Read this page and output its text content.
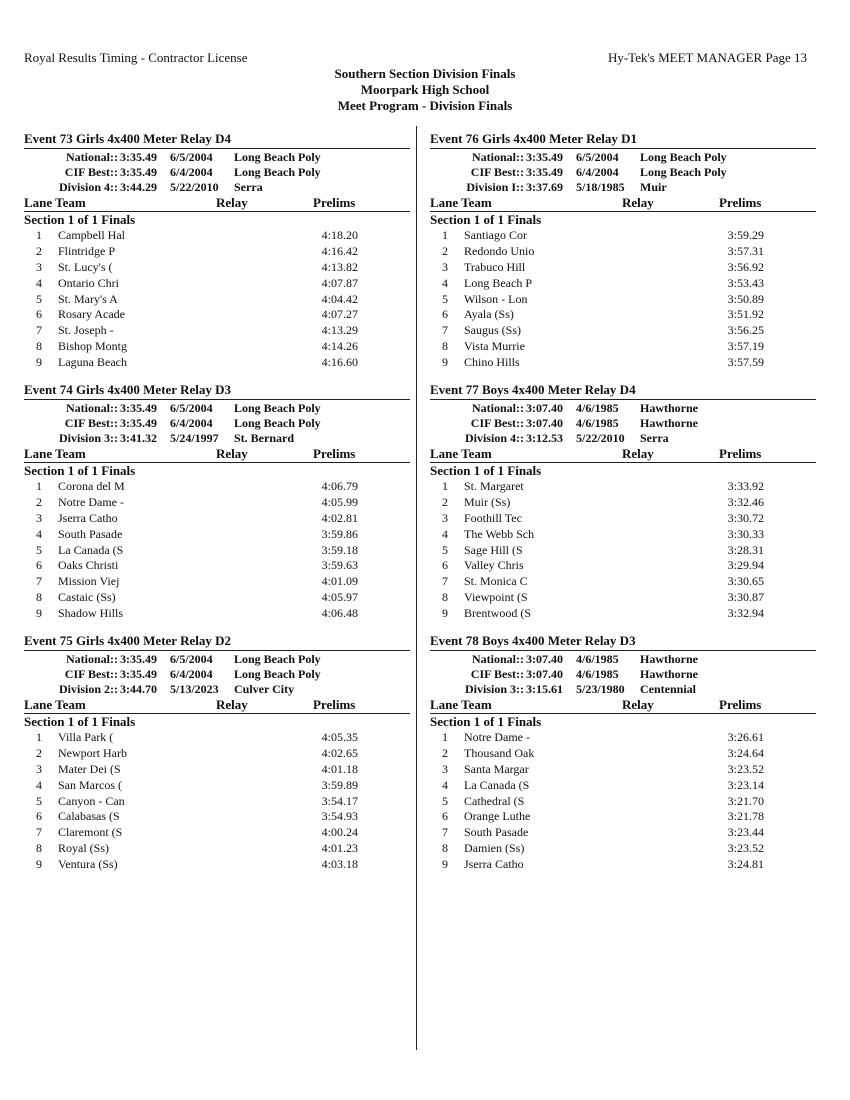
Royal Results Timing - Contractor License	Hy-Tek's MEET MANAGER Page 13
Southern Section Division Finals
Moorpark High School
Meet Program - Division Finals
Event 73 Girls 4x400 Meter Relay D4
National:: 3:35.49 6/5/2004 Long Beach Poly
CIF Best:: 3:35.49 6/4/2004 Long Beach Poly
Division 4:: 3:44.29 5/22/2010 Serra
Lane Team	Relay	Prelims
Section 1 of 1 Finals
1 Campbell Hal	4:18.20
2 Flintridge P	4:16.42
3 St. Lucy's (	4:13.82
4 Ontario Chri	4:07.87
5 St. Mary's A	4:04.42
6 Rosary Acade	4:07.27
7 St. Joseph -	4:13.29
8 Bishop Montg	4:14.26
9 Laguna Beach	4:16.60
Event 74 Girls 4x400 Meter Relay D3
National:: 3:35.49 6/5/2004 Long Beach Poly
CIF Best:: 3:35.49 6/4/2004 Long Beach Poly
Division 3:: 3:41.32 5/24/1997 St. Bernard
Lane Team	Relay	Prelims
Section 1 of 1 Finals
1 Corona del M	4:06.79
2 Notre Dame -	4:05.99
3 Jserra Catho	4:02.81
4 South Pasade	3:59.86
5 La Canada (S	3:59.18
6 Oaks Christi	3:59.63
7 Mission Viej	4:01.09
8 Castaic (Ss)	4:05.97
9 Shadow Hills	4:06.48
Event 75 Girls 4x400 Meter Relay D2
National:: 3:35.49 6/5/2004 Long Beach Poly
CIF Best:: 3:35.49 6/4/2004 Long Beach Poly
Division 2:: 3:44.70 5/13/2023 Culver City
Lane Team	Relay	Prelims
Section 1 of 1 Finals
1 Villa Park (	4:05.35
2 Newport Harb	4:02.65
3 Mater Dei (S	4:01.18
4 San Marcos (	3:59.89
5 Canyon - Can	3:54.17
6 Calabasas (S	3:54.93
7 Claremont (S	4:00.24
8 Royal (Ss)	4:01.23
9 Ventura (Ss)	4:03.18
Event 76 Girls 4x400 Meter Relay D1
National:: 3:35.49 6/5/2004 Long Beach Poly
CIF Best:: 3:35.49 6/4/2004 Long Beach Poly
Division I:: 3:37.69 5/18/1985 Muir
Lane Team	Relay	Prelims
Section 1 of 1 Finals
1 Santiago Cor	3:59.29
2 Redondo Unio	3:57.31
3 Trabuco Hill	3:56.92
4 Long Beach P	3:53.43
5 Wilson - Lon	3:50.89
6 Ayala (Ss)	3:51.92
7 Saugus (Ss)	3:56.25
8 Vista Murrie	3:57.19
9 Chino Hills	3:57.59
Event 77 Boys 4x400 Meter Relay D4
National:: 3:07.40 4/6/1985 Hawthorne
CIF Best:: 3:07.40 4/6/1985 Hawthorne
Division 4:: 3:12.53 5/22/2010 Serra
Lane Team	Relay	Prelims
Section 1 of 1 Finals
1 St. Margaret	3:33.92
2 Muir (Ss)	3:32.46
3 Foothill Tec	3:30.72
4 The Webb Sch	3:30.33
5 Sage Hill (S	3:28.31
6 Valley Chris	3:29.94
7 St. Monica C	3:30.65
8 Viewpoint (S	3:30.87
9 Brentwood (S	3:32.94
Event 78 Boys 4x400 Meter Relay D3
National:: 3:07.40 4/6/1985 Hawthorne
CIF Best:: 3:07.40 4/6/1985 Hawthorne
Division 3:: 3:15.61 5/23/1980 Centennial
Lane Team	Relay	Prelims
Section 1 of 1 Finals
1 Notre Dame -	3:26.61
2 Thousand Oak	3:24.64
3 Santa Margar	3:23.52
4 La Canada (S	3:23.14
5 Cathedral (S	3:21.70
6 Orange Luthe	3:21.78
7 South Pasade	3:23.44
8 Damien (Ss)	3:23.52
9 Jserra Catho	3:24.81
